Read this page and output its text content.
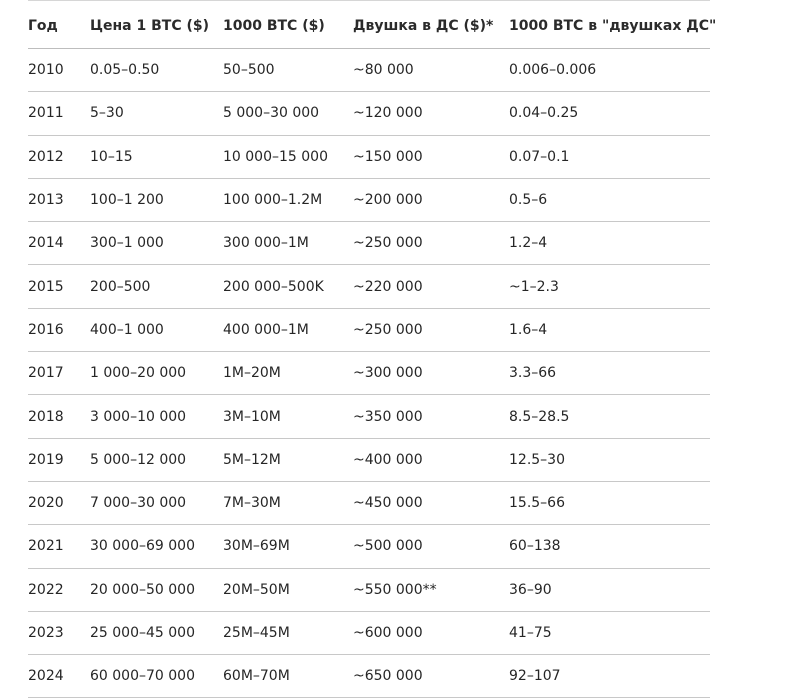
Год	Цена 1 BTC ($)	1000 BTC ($)	Двушка в ДС ($)*	1000 BTC в "двушках ДС"
2010	0.05–0.50	50–500	~80 000	0.006–0.006
2011	5–30	5 000–30 000	~120 000	0.04–0.25
2012	10–15	10 000–15 000	~150 000	0.07–0.1
2013	100–1 200	100 000–1.2M	~200 000	0.5–6
2014	300–1 000	300 000–1M	~250 000	1.2–4
2015	200–500	200 000–500K	~220 000	~1–2.3
2016	400–1 000	400 000–1M	~250 000	1.6–4
2017	1 000–20 000	1M–20M	~300 000	3.3–66
2018	3 000–10 000	3M–10M	~350 000	8.5–28.5
2019	5 000–12 000	5M–12M	~400 000	12.5–30
2020	7 000–30 000	7M–30M	~450 000	15.5–66
2021	30 000–69 000	30M–69M	~500 000	60–138
2022	20 000–50 000	20M–50M	~550 000**	36–90
2023	25 000–45 000	25M–45M	~600 000	41–75
2024	60 000–70 000	60M–70M	~650 000	92–107
